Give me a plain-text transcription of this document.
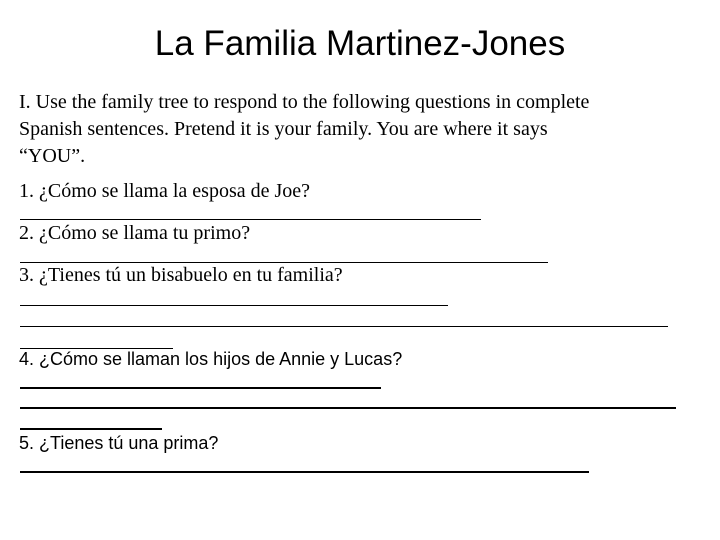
La Familia Martinez-Jones

I. Use the family tree to respond to the following questions in complete

Spanish sentences. Pretend it is your family. You are where it says

“YOU”.

1. ¿Cómo se llama la esposa de Joe?

2. ¿Cómo se llama tu primo?

3. ¿Tienes tú un bisabuelo en tu familia?

4. ¿Cómo se llaman los hijos de Annie y Lucas?

5. ¿Tienes tú una prima?
